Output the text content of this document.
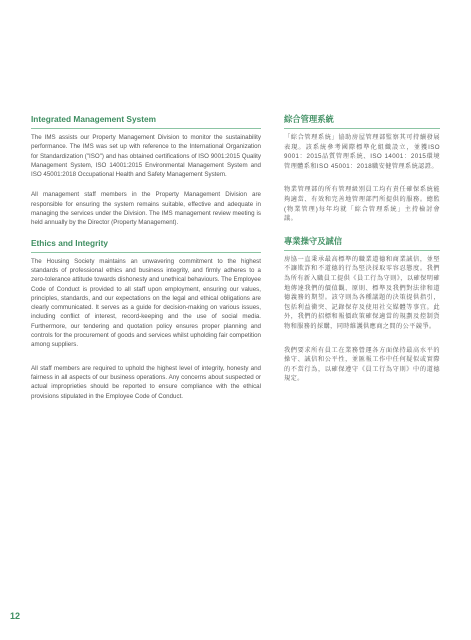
Integrated Management System

The IMS assists our Property Management Division to monitor the sustainability performance. The IMS was set up with reference to the International Organization for Standardization ("ISO") and has obtained certifications of ISO 9001:2015 Quality Management System, ISO 14001:2015 Environmental Management System and ISO 45001:2018 Occupational Health and Safety Management System.

All management staff members in the Property Management Division are responsible for ensuring the system remains suitable, effective and adequate in managing the services under the Division. The IMS management review meeting is held annually by the Director (Property Management).

Ethics and Integrity

The Housing Society maintains an unwavering commitment to the highest standards of professional ethics and business integrity, and firmly adheres to a zero-tolerance attitude towards dishonesty and unethical behaviours. The Employee Code of Conduct is provided to all staff upon employment, ensuring our values, principles, standards, and our expectations on the legal and ethical obligations are clearly communicated. It serves as a guide for decision-making on various issues, including conflict of interest, record-keeping and the use of social media. Furthermore, our tendering and quotation policy ensures proper planning and controls for the procurement of goods and services whilst upholding fair competition among suppliers.

All staff members are required to uphold the highest level of integrity, honesty and fairness in all aspects of our business operations. Any concerns about suspected or actual improprieties should be reported to ensure compliance with the ethical provisions stipulated in the Employee Code of Conduct.

綜合管理系統

「綜合管理系統」協助房屋管理部監察其可持續發展表現。該系統參考國際標準化組織設立，並獲ISO 9001：2015品質管理系統、ISO 14001：2015環境管理體系和ISO 45001：2018職安健管理系統認證。

物業管理部的所有管理級別員工均有責任確保系統能夠適當、有效和完善地管理部門所提供的服務。總監(物業管理)每年均就「綜合管理系統」主持檢討會議。

專業操守及誠信

房協一直秉承最高標準的職業道德和商業誠信，並堅不讓欺詐和不道德的行為堅決採取零容忍態度。我們為所有新入職員工提供《員工行為守則》，以確保明確地傳達我們的價值觀、原則、標準及我們對法律和道德義務的期望。該守則為各種議題的決策提供指引，包括利益衝突、記錄保存及使用社交媒體等事宜。此外，我們的招標和報價政策確保適當的規劃及控制貨物和服務的採購，同時維護供應商之間的公平競爭。

我們要求所有員工在業務營運各方面保持最高水平的操守、誠信和公平性，並匯報工作中任何疑似或實際的不當行為，以確保遵守《員工行為守則》中的道德規定。

12
